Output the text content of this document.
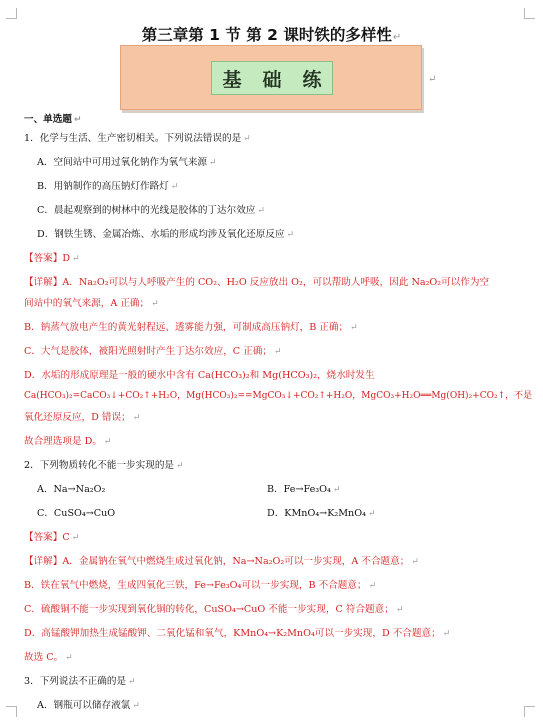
第三章第 1 节 第 2 课时铁的多样性↵
基 础 练	↵
一、单选题 ↵
1．化学与生活、生产密切相关。下列说法错误的是 ↵
A．空间站中可用过氧化钠作为氧气来源 ↵
B．用钠制作的高压钠灯作路灯 ↵
C．晨起观察到的树林中的光线是胶体的丁达尔效应 ↵
D．钢铁生锈、金属冶炼、水垢的形成均涉及氧化还原反应 ↵
【答案】D ↵
【详解】A．Na₂O₂可以与人呼吸产生的 CO₂、H₂O 反应放出 O₂，可以帮助人呼吸，因此 Na₂O₂可以作为空
间站中的氧气来源，A 正确； ↵
B．钠蒸气放电产生的黄光射程远、透雾能力强，可制成高压钠灯，B 正确； ↵
C．大气是胶体，被阳光照射时产生丁达尔效应，C 正确； ↵
D．水垢的形成原理是一般的硬水中含有 Ca(HCO₃)₂和 Mg(HCO₃)₂，烧水时发生
Ca(HCO₃)₂=CaCO₃↓+CO₂↑+H₂O，Mg(HCO₃)₂==MgCO₃↓+CO₂↑+H₂O，MgCO₃+H₂O══Mg(OH)₂+CO₂↑，不是
氧化还原反应，D 错误； ↵
故合理选项是 D。 ↵
2．下列物质转化不能一步实现的是 ↵
A．Na→Na₂O₂	B．Fe→Fe₃O₄ ↵
C．CuSO₄→CuO	D．KMnO₄→K₂MnO₄ ↵
【答案】C ↵
【详解】A．金属钠在氧气中燃烧生成过氧化钠，Na→Na₂O₂可以一步实现，A 不合题意； ↵
B．铁在氧气中燃烧，生成四氧化三铁，Fe→Fe₃O₄可以一步实现，B 不合题意； ↵
C．硫酸铜不能一步实现到氧化铜的转化，CuSO₄→CuO 不能一步实现，C 符合题意； ↵
D．高锰酸钾加热生成锰酸钾、二氧化锰和氧气，KMnO₄→K₂MnO₄可以一步实现，D 不合题意； ↵
故选 C。 ↵
3．下列说法不正确的是 ↵
A．钢瓶可以储存液氯 ↵
